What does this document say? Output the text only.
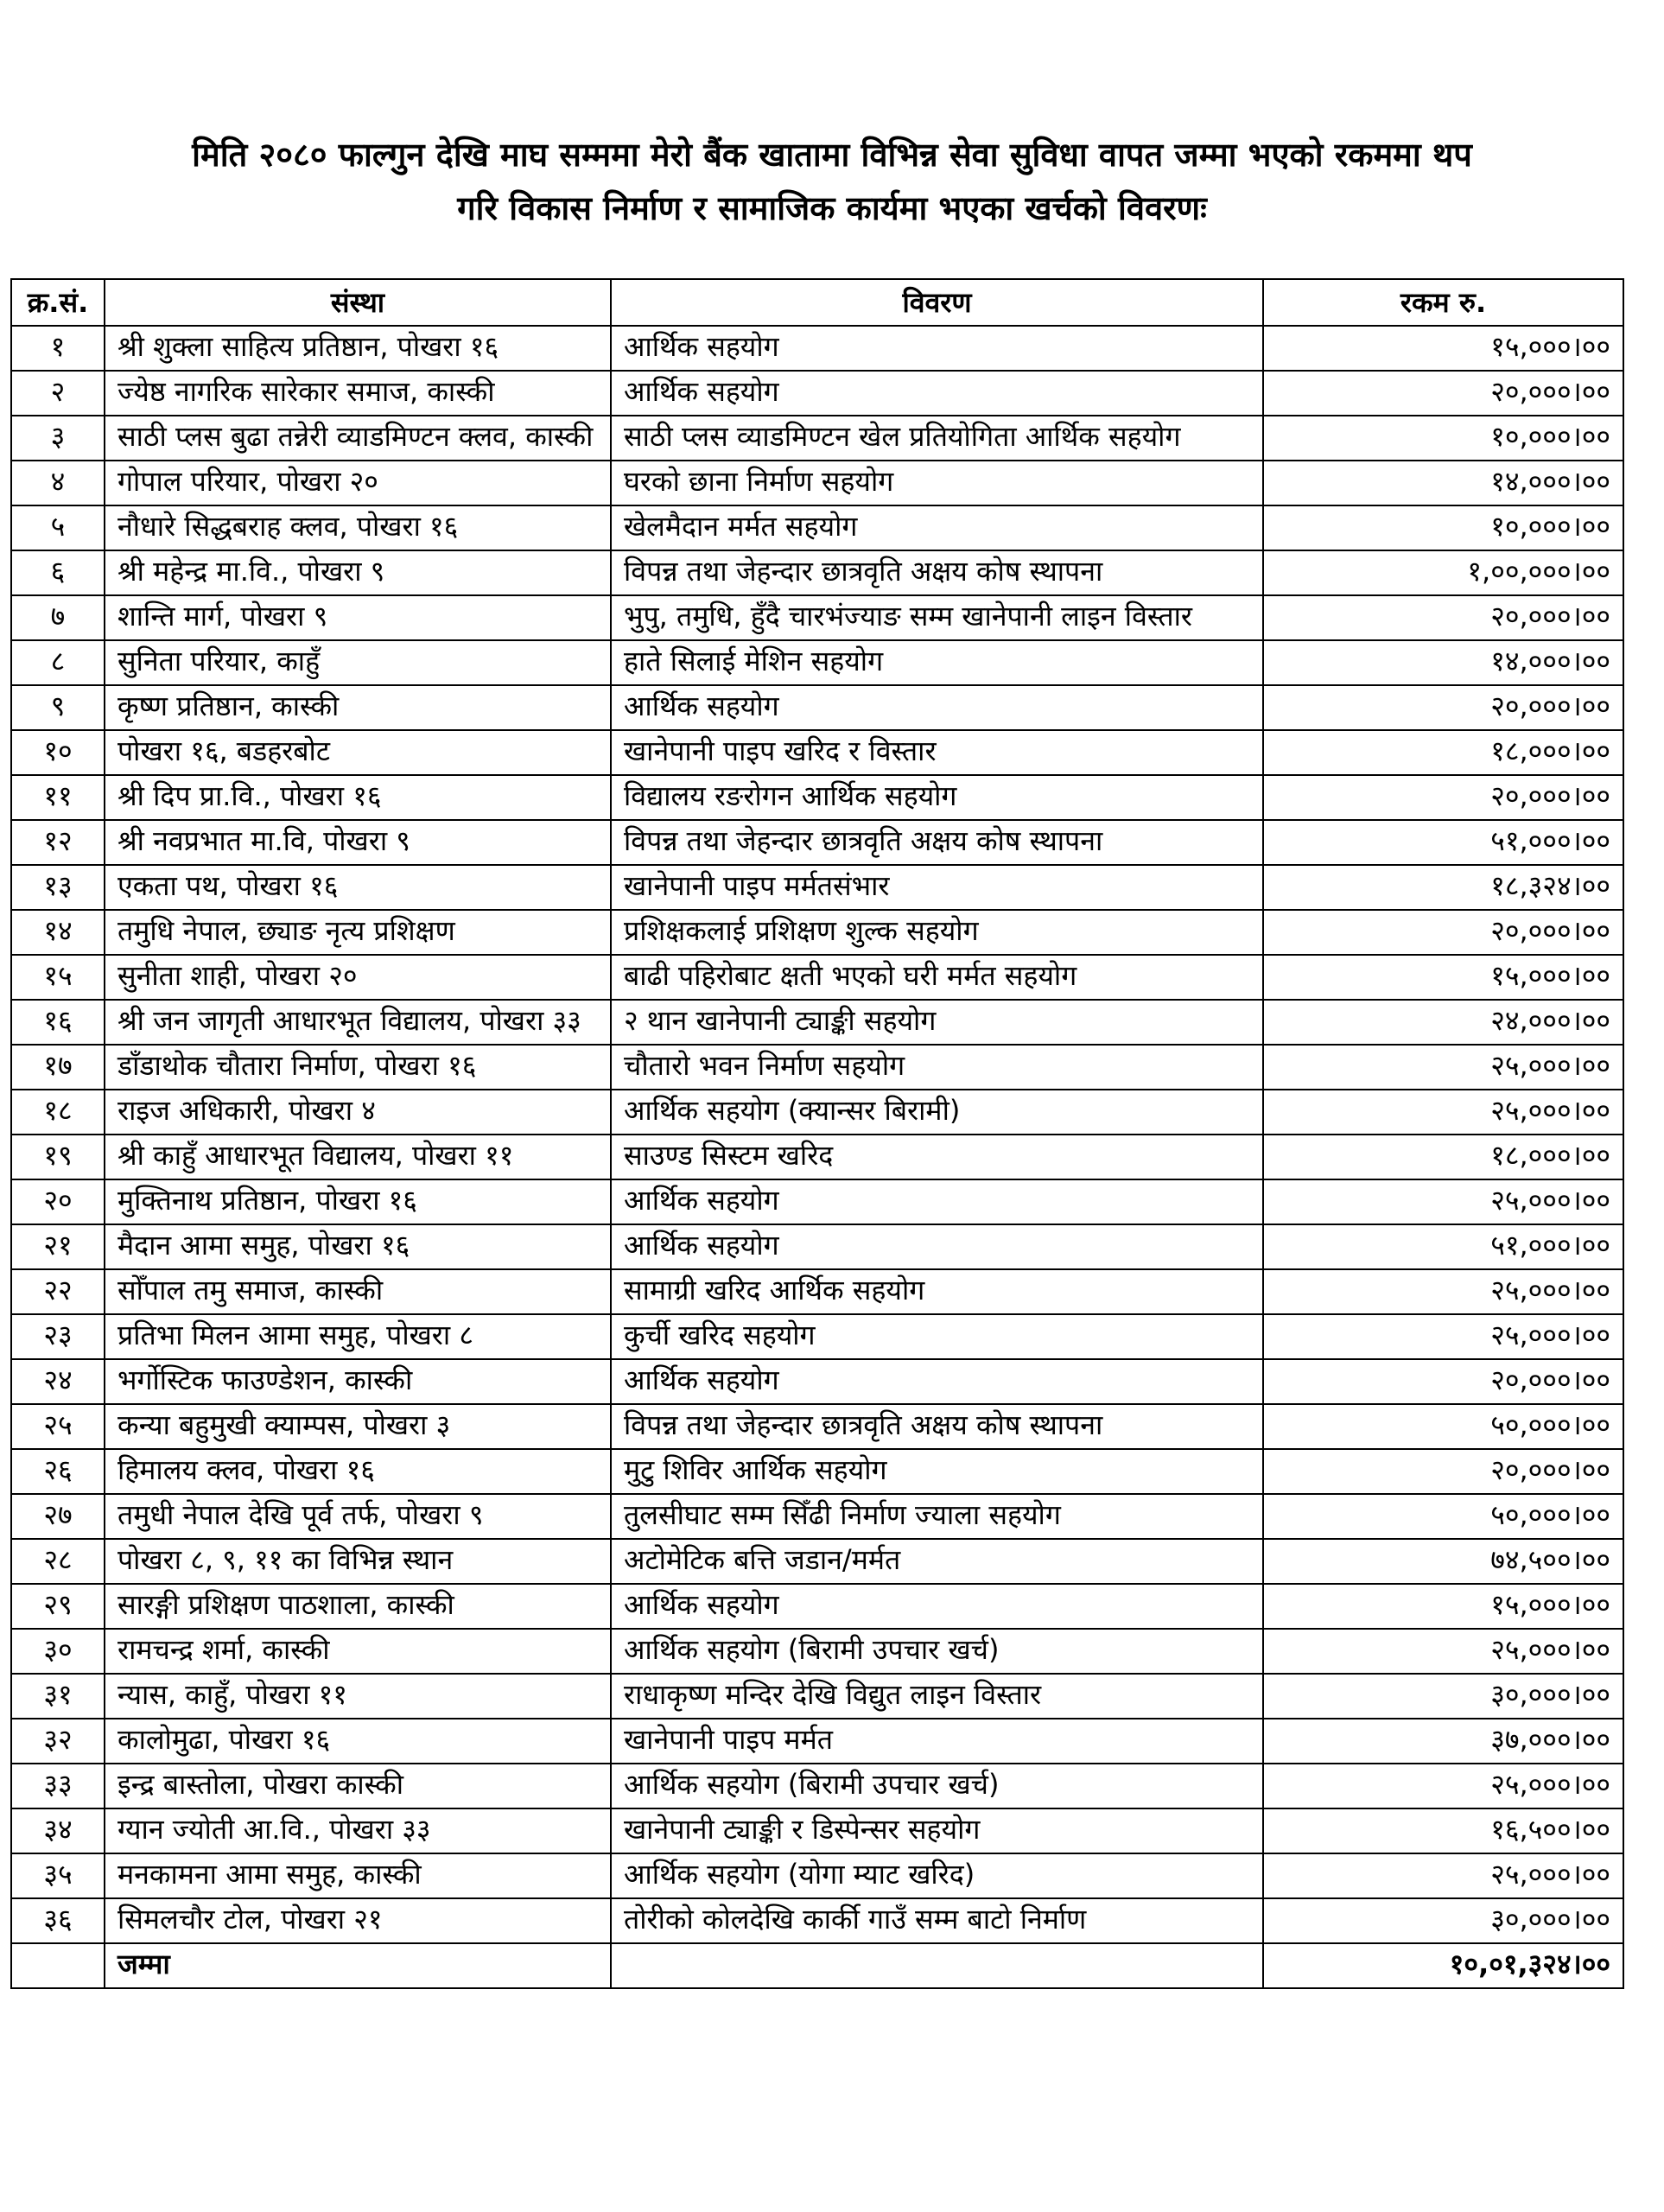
मिति २०८० फाल्गुन देखि माघ सम्ममा मेरो बैंक खातामा विभिन्न सेवा सुविधा वापत जम्मा भएको रकममा थप
गरि विकास निर्माण र सामाजिक कार्यमा भएका खर्चको विवरणः
क्र.सं.	संस्था	विवरण	रकम रु.
१	श्री शुक्ला साहित्य प्रतिष्ठान, पोखरा १६	आर्थिक सहयोग	१५,०००।००
२	ज्येष्ठ नागरिक सारेकार समाज, कास्की	आर्थिक सहयोग	२०,०००।००
३	साठी प्लस बुढा तन्नेरी व्याडमिण्टन क्लव, कास्की	साठी प्लस व्याडमिण्टन खेल प्रतियोगिता आर्थिक सहयोग	१०,०००।००
४	गोपाल परियार, पोखरा २०	घरको छाना निर्माण सहयोग	१४,०००।००
५	नौधारे सिद्धबराह क्लव, पोखरा १६	खेलमैदान मर्मत सहयोग	१०,०००।००
६	श्री महेन्द्र मा.वि., पोखरा ९	विपन्न तथा जेहन्दार छात्रवृति अक्षय कोष स्थापना	१,००,०००।००
७	शान्ति मार्ग, पोखरा ९	भुपु, तमुधि, हुँदै चारभंज्याङ सम्म खानेपानी लाइन विस्तार	२०,०००।००
८	सुनिता परियार, काहुँ	हाते सिलाई मेशिन सहयोग	१४,०००।००
९	कृष्ण प्रतिष्ठान, कास्की	आर्थिक सहयोग	२०,०००।००
१०	पोखरा १६, बडहरबोट	खानेपानी पाइप खरिद र विस्तार	१८,०००।००
११	श्री दिप प्रा.वि., पोखरा १६	विद्यालय रङरोगन आर्थिक सहयोग	२०,०००।००
१२	श्री नवप्रभात मा.वि, पोखरा ९	विपन्न तथा जेहन्दार छात्रवृति अक्षय कोष स्थापना	५१,०००।००
१३	एकता पथ, पोखरा १६	खानेपानी पाइप मर्मतसंभार	१८,३२४।००
१४	तमुधि नेपाल, छ्याङ नृत्य प्रशिक्षण	प्रशिक्षकलाई प्रशिक्षण शुल्क सहयोग	२०,०००।००
१५	सुनीता शाही, पोखरा २०	बाढी पहिरोबाट क्षती भएको घरी मर्मत सहयोग	१५,०००।००
१६	श्री जन जागृती आधारभूत विद्यालय, पोखरा ३३	२ थान खानेपानी ट्याङ्की सहयोग	२४,०००।००
१७	डाँडाथोक चौतारा निर्माण, पोखरा १६	चौतारो भवन निर्माण सहयोग	२५,०००।००
१८	राइज अधिकारी, पोखरा ४	आर्थिक सहयोग (क्यान्सर बिरामी)	२५,०००।००
१९	श्री काहुँ आधारभूत विद्यालय, पोखरा ११	साउण्ड सिस्टम खरिद	१८,०००।००
२०	मुक्तिनाथ प्रतिष्ठान, पोखरा १६	आर्थिक सहयोग	२५,०००।००
२१	मैदान आमा समुह, पोखरा १६	आर्थिक सहयोग	५१,०००।००
२२	सोँपाल तमु समाज, कास्की	सामाग्री खरिद आर्थिक सहयोग	२५,०००।००
२३	प्रतिभा मिलन आमा समुह, पोखरा ८	कुर्ची खरिद सहयोग	२५,०००।००
२४	भर्गोस्टिक फाउण्डेशन, कास्की	आर्थिक सहयोग	२०,०००।००
२५	कन्या बहुमुखी क्याम्पस, पोखरा ३	विपन्न तथा जेहन्दार छात्रवृति अक्षय कोष स्थापना	५०,०००।००
२६	हिमालय क्लव, पोखरा १६	मुटु शिविर आर्थिक सहयोग	२०,०००।००
२७	तमुधी नेपाल देखि पूर्व तर्फ, पोखरा ९	तुलसीघाट सम्म सिँढी निर्माण ज्याला सहयोग	५०,०००।००
२८	पोखरा ८, ९, ११ का विभिन्न स्थान	अटोमेटिक बत्ति जडान/मर्मत	७४,५००।००
२९	सारङ्गी प्रशिक्षण पाठशाला, कास्की	आर्थिक सहयोग	१५,०००।००
३०	रामचन्द्र शर्मा, कास्की	आर्थिक सहयोग (बिरामी उपचार खर्च)	२५,०००।००
३१	न्यास, काहुँ, पोखरा ११	राधाकृष्ण मन्दिर देखि विद्युत लाइन विस्तार	३०,०००।००
३२	कालोमुढा, पोखरा १६	खानेपानी पाइप मर्मत	३७,०००।००
३३	इन्द्र बास्तोला, पोखरा कास्की	आर्थिक सहयोग (बिरामी उपचार खर्च)	२५,०००।००
३४	ग्यान ज्योती आ.वि., पोखरा ३३	खानेपानी ट्याङ्की र डिस्पेन्सर सहयोग	१६,५००।००
३५	मनकामना आमा समुह, कास्की	आर्थिक सहयोग (योगा म्याट खरिद)	२५,०००।००
३६	सिमलचौर टोल, पोखरा २१	तोरीको कोलदेखि कार्की गाउँ सम्म बाटो निर्माण	३०,०००।००
	जम्मा		१०,०१,३२४।००
